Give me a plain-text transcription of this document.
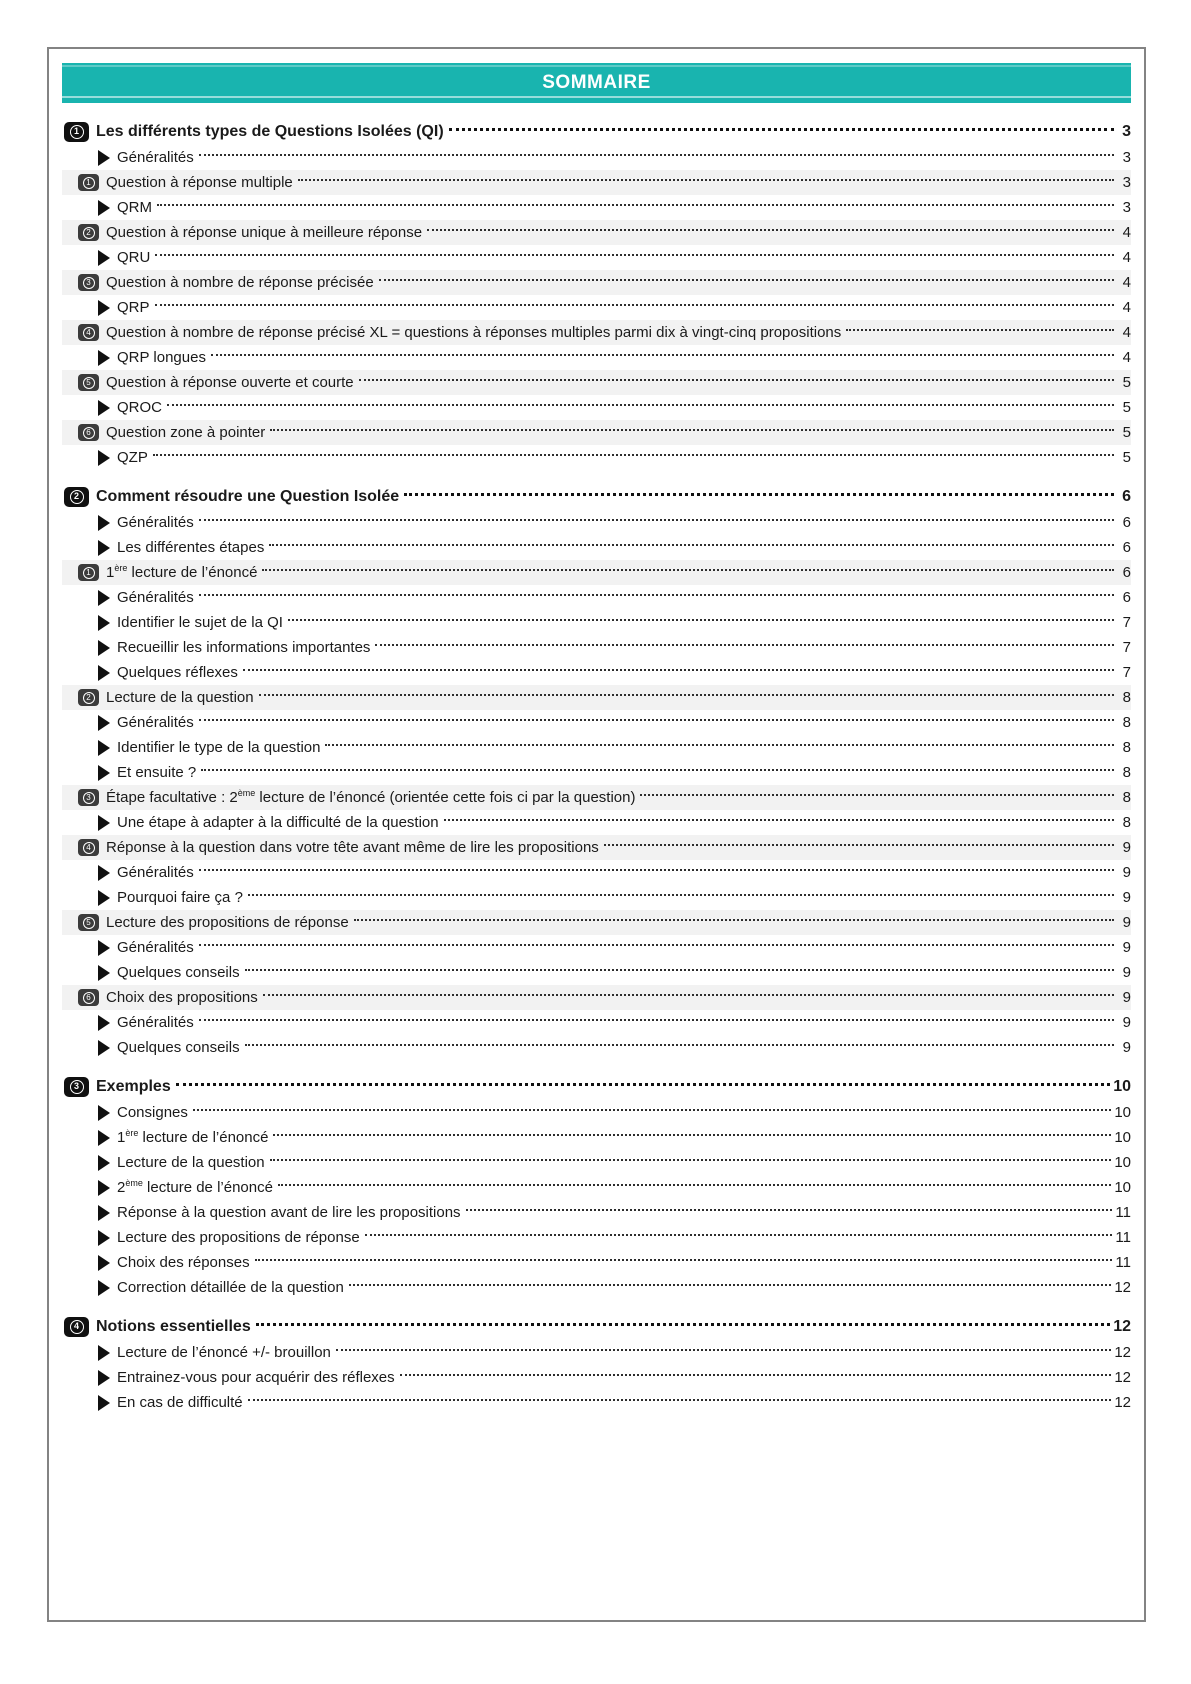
SOMMAIRE
1 Les différents types de Questions Isolées (QI)	3
Généralités	3
1 Question à réponse multiple	3
QRM	3
2 Question à réponse unique à meilleure réponse	4
QRU	4
3 Question à nombre de réponse précisée	4
QRP	4
4 Question à nombre de réponse précisé XL = questions à réponses multiples parmi dix à vingt-cinq propositions	4
QRP longues	4
5 Question à réponse ouverte et courte	5
QROC	5
6 Question zone à pointer	5
QZP	5
2 Comment résoudre une Question Isolée	6
Généralités	6
Les différentes étapes	6
1 1ère lecture de l’énoncé	6
Généralités	6
Identifier le sujet de la QI	7
Recueillir les informations importantes	7
Quelques réflexes	7
2 Lecture de la question	8
Généralités	8
Identifier le type de la question	8
Et ensuite ?	8
3 Étape facultative : 2ème lecture de l’énoncé (orientée cette fois ci par la question)	8
Une étape à adapter à la difficulté de la question	8
4 Réponse à la question dans votre tête avant même de lire les propositions	9
Généralités	9
Pourquoi faire ça ?	9
5 Lecture des propositions de réponse	9
Généralités	9
Quelques conseils	9
6 Choix des propositions	9
Généralités	9
Quelques conseils	9
3 Exemples	10
Consignes	10
1ère lecture de l’énoncé	10
Lecture de la question	10
2ème lecture de l’énoncé	10
Réponse à la question avant de lire les propositions	11
Lecture des propositions de réponse	11
Choix des réponses	11
Correction détaillée de la question	12
4 Notions essentielles	12
Lecture de l’énoncé +/- brouillon	12
Entrainez-vous pour acquérir des réflexes	12
En cas de difficulté	12
